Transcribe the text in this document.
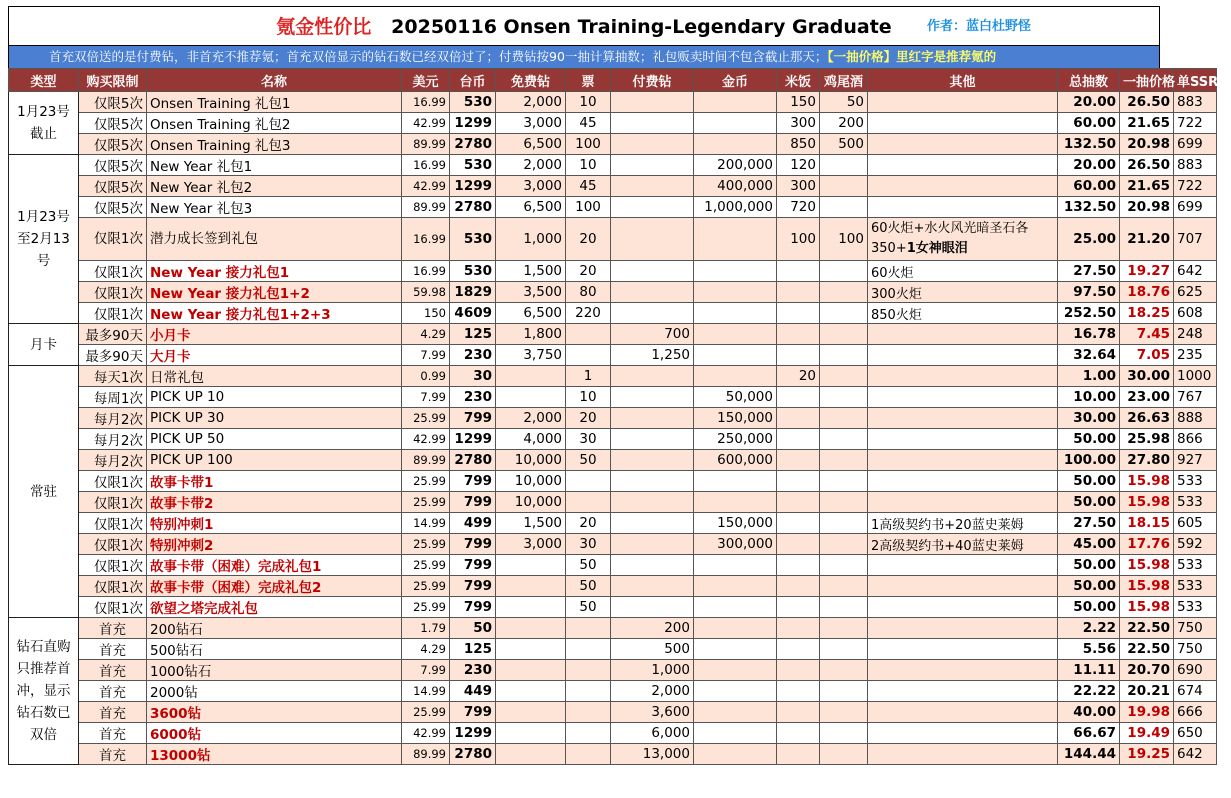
氪金性价比 20250116 Onsen Training-Legendary Graduate	作者：蓝白杜野怪
首充双倍送的是付费钻，非首充不推荐氪；首充双倍显示的钻石数已经双倍过了；付费钻按90一抽计算抽数；礼包贩卖时间不包含截止那天；【一抽价格】里红字是推荐氪的
类型	购买限制	名称	美元	台币	免费钻	票	付费钻	金币	米饭	鸡尾酒	其他	总抽数	一抽价格	单SSR价
1月23号截止	仅限5次	Onsen Training 礼包1	16.99	530	2,000	10			150	50		20.00	26.50	883
	仅限5次	Onsen Training 礼包2	42.99	1299	3,000	45			300	200		60.00	21.65	722
	仅限5次	Onsen Training 礼包3	89.99	2780	6,500	100			850	500		132.50	20.98	699
1月23号至2月13号	仅限5次	New Year 礼包1	16.99	530	2,000	10		200,000	120			20.00	26.50	883
	仅限5次	New Year 礼包2	42.99	1299	3,000	45		400,000	300			60.00	21.65	722
	仅限5次	New Year 礼包3	89.99	2780	6,500	100		1,000,000	720			132.50	20.98	699
	仅限1次	潜力成长签到礼包	16.99	530	1,000	20			100	100	60火炬+水火风光暗圣石各350+1女神眼泪	25.00	21.20	707
	仅限1次	New Year 接力礼包1	16.99	530	1,500	20					60火炬	27.50	19.27	642
	仅限1次	New Year 接力礼包1+2	59.98	1829	3,500	80					300火炬	97.50	18.76	625
	仅限1次	New Year 接力礼包1+2+3	150	4609	6,500	220					850火炬	252.50	18.25	608
月卡	最多90天	小月卡	4.29	125	1,800		700					16.78	7.45	248
	最多90天	大月卡	7.99	230	3,750		1,250					32.64	7.05	235
常驻	每天1次	日常礼包	0.99	30		1			20			1.00	30.00	1000
	每周1次	PICK UP 10	7.99	230		10		50,000				10.00	23.00	767
	每月2次	PICK UP 30	25.99	799	2,000	20		150,000				30.00	26.63	888
	每月2次	PICK UP 50	42.99	1299	4,000	30		250,000				50.00	25.98	866
	每月2次	PICK UP 100	89.99	2780	10,000	50		600,000				100.00	27.80	927
	仅限1次	故事卡带1	25.99	799	10,000							50.00	15.98	533
	仅限1次	故事卡带2	25.99	799	10,000							50.00	15.98	533
	仅限1次	特别冲刺1	14.99	499	1,500	20		150,000			1高级契约书+20蓝史莱姆	27.50	18.15	605
	仅限1次	特别冲刺2	25.99	799	3,000	30		300,000			2高级契约书+40蓝史莱姆	45.00	17.76	592
	仅限1次	故事卡带（困难）完成礼包1	25.99	799		50						50.00	15.98	533
	仅限1次	故事卡带（困难）完成礼包2	25.99	799		50						50.00	15.98	533
	仅限1次	欲望之塔完成礼包	25.99	799		50						50.00	15.98	533
钻石直购只推荐首冲，显示钻石数已双倍	首充	200钻石	1.79	50			200					2.22	22.50	750
	首充	500钻石	4.29	125			500					5.56	22.50	750
	首充	1000钻石	7.99	230			1,000					11.11	20.70	690
	首充	2000钻	14.99	449			2,000					22.22	20.21	674
	首充	3600钻	25.99	799			3,600					40.00	19.98	666
	首充	6000钻	42.99	1299			6,000					66.67	19.49	650
	首充	13000钻	89.99	2780			13,000					144.44	19.25	642
